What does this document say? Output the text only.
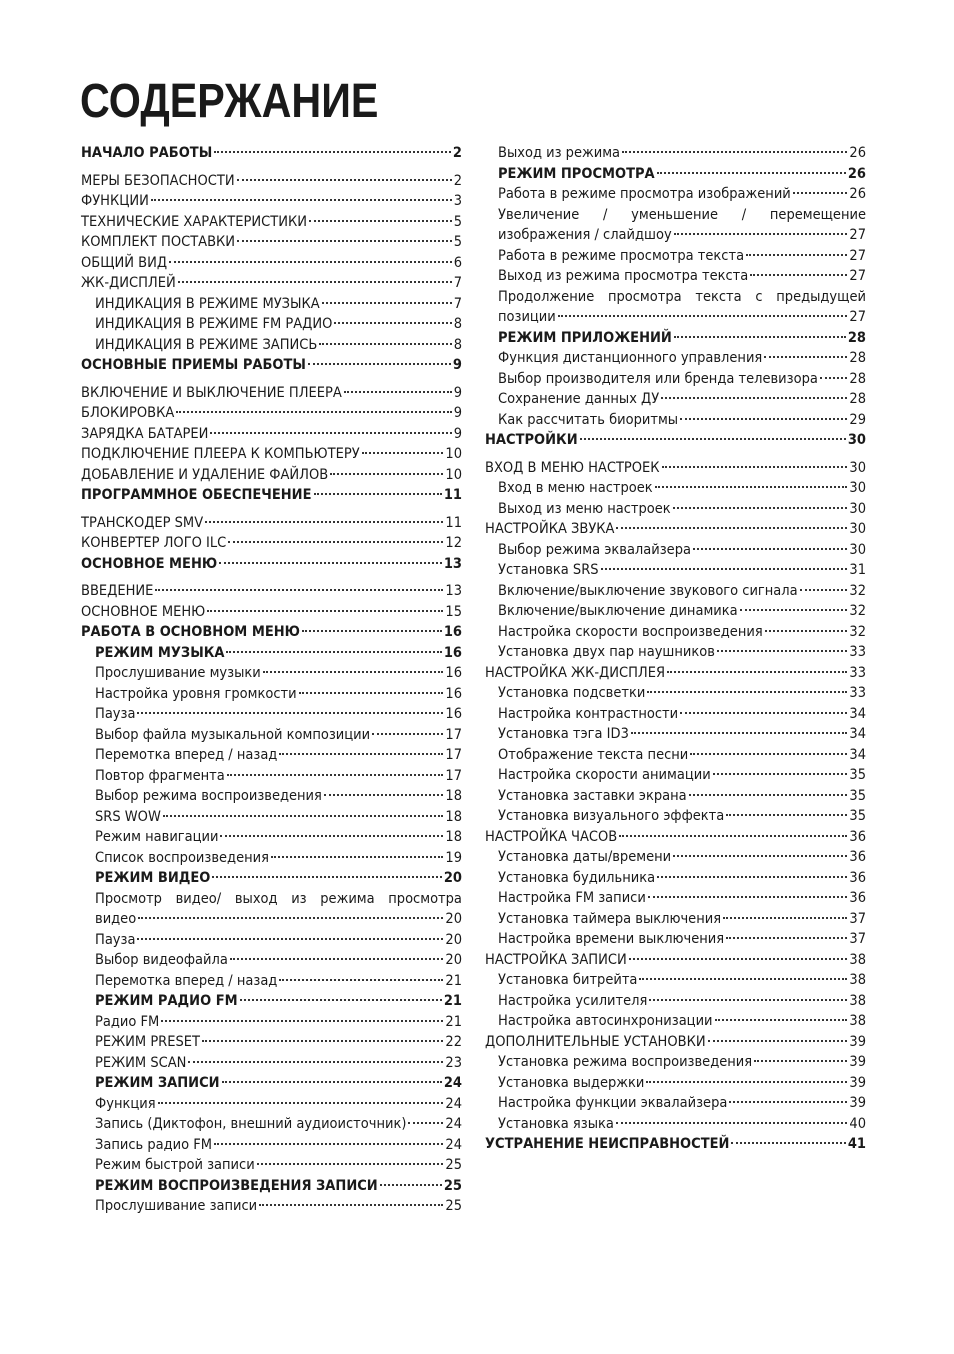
СОДЕРЖАНИЕ
НАЧАЛО РАБОТЫ	2
МЕРЫ БЕЗОПАСНОСТИ	2
ФУНКЦИИ	3
ТЕХНИЧЕСКИЕ ХАРАКТЕРИСТИКИ	5
КОМПЛЕКТ ПОСТАВКИ	5
ОБЩИЙ ВИД	6
ЖК-ДИСПЛЕЙ	7
ИНДИКАЦИЯ В РЕЖИМЕ МУЗЫКА	7
ИНДИКАЦИЯ В РЕЖИМЕ FM РАДИО	8
ИНДИКАЦИЯ В РЕЖИМЕ ЗАПИСЬ	8
ОСНОВНЫЕ ПРИЕМЫ РАБОТЫ	9
ВКЛЮЧЕНИЕ И ВЫКЛЮЧЕНИЕ ПЛЕЕРА	9
БЛОКИРОВКА	9
ЗАРЯДКА БАТАРЕИ	9
ПОДКЛЮЧЕНИЕ ПЛЕЕРА К КОМПЬЮТЕРУ	10
ДОБАВЛЕНИЕ И УДАЛЕНИЕ ФАЙЛОВ	10
ПРОГРАММНОЕ ОБЕСПЕЧЕНИЕ	11
ТРАНСКОДЕР SMV	11
КОНВЕРТЕР ЛОГО ILC	12
ОСНОВНОЕ МЕНЮ	13
ВВЕДЕНИЕ	13
ОСНОВНОЕ МЕНЮ	15
РАБОТА В ОСНОВНОМ МЕНЮ	16
РЕЖИМ МУЗЫКА	16
Прослушивание музыки	16
Настройка уровня громкости	16
Пауза	16
Выбор файла музыкальной композиции	17
Перемотка вперед / назад	17
Повтор фрагмента	17
Выбор режима воспроизведения	18
SRS WOW	18
Режим навигации	18
Список воспроизведения	19
РЕЖИМ ВИДЕО	20
Просмотр видео/ выход из режима просмотра
видео	20
Пауза	20
Выбор видеофайла	20
Перемотка вперед / назад	21
РЕЖИМ РАДИО FM	21
Радио FM	21
РЕЖИМ PRESET	22
РЕЖИМ SCAN	23
РЕЖИМ ЗАПИСИ	24
Функция	24
Запись (Диктофон, внешний аудиоисточник)	24
Запись радио FM	24
Режим быстрой записи	25
РЕЖИМ ВОСПРОИЗВЕДЕНИЯ ЗАПИСИ	25
Прослушивание записи	25
Выход из режима	26
РЕЖИМ ПРОСМОТРА	26
Работа в режиме просмотра изображений	26
Увеличение / уменьшение / перемещение
изображения / слайдшоу	27
Работа в режиме просмотра текста	27
Выход из режима просмотра текста	27
Продолжение просмотра текста с предыдущей
позиции	27
РЕЖИМ ПРИЛОЖЕНИЙ	28
Функция дистанционного управления	28
Выбор производителя или бренда телевизора 28
Сохранение данных ДУ	28
Как рассчитать биоритмы	29
НАСТРОЙКИ	30
ВХОД В МЕНЮ НАСТРОЕК	30
Вход в меню настроек	30
Выход из меню настроек	30
НАСТРОЙКА ЗВУКА	30
Выбор режима эквалайзера	30
Установка SRS	31
Включение/выключение звукового сигнала	32
Включение/выключение динамика	32
Настройка скорости воспроизведения	32
Установка двух пар наушников	33
НАСТРОЙКА ЖК-ДИСПЛЕЯ	33
Установка подсветки	33
Настройка контрастности	34
Установка тэга ID3	34
Отображение текста песни	34
Настройка скорости анимации	35
Установка заставки экрана	35
Установка визуального эффекта	35
НАСТРОЙКА ЧАСОВ	36
Установка даты/времени	36
Установка будильника	36
Настройка FM записи	36
Установка таймера выключения	37
Настройка времени выключения	37
НАСТРОЙКА ЗАПИСИ	38
Установка битрейта	38
Настройка усилителя	38
Настройка автосинхронизации	38
ДОПОЛНИТЕЛЬНЫЕ УСТАНОВКИ	39
Установка режима воспроизведения	39
Установка выдержки	39
Настройка функции эквалайзера	39
Установка языка	40
УСТРАНЕНИЕ НЕИСПРАВНОСТЕЙ	41
